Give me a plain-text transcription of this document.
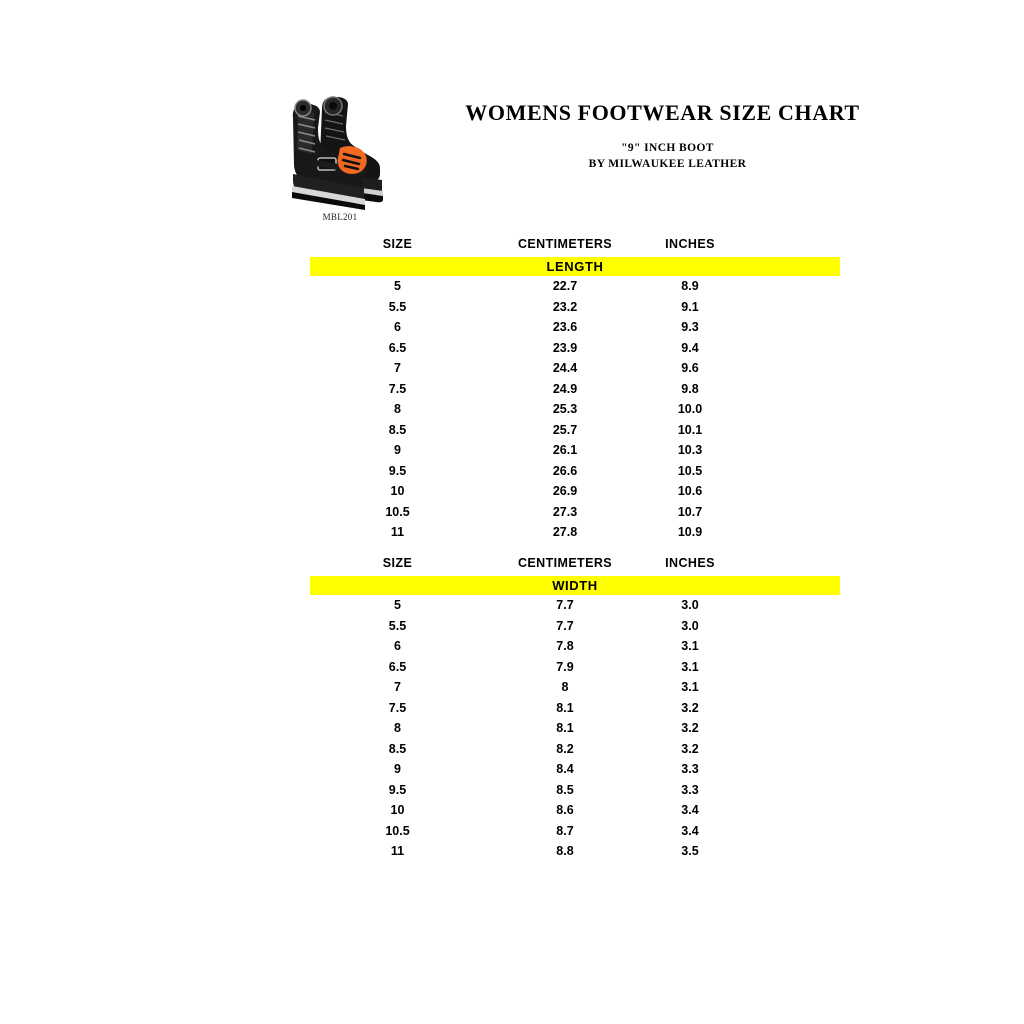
MBL201
WOMENS FOOTWEAR SIZE CHART
"9" INCH BOOT
BY MILWAUKEE LEATHER
SIZE	CENTIMETERS	INCHES	
LENGTH			
5	22.7	8.9	
5.5	23.2	9.1	
6	23.6	9.3	
6.5	23.9	9.4	
7	24.4	9.6	
7.5	24.9	9.8	
8	25.3	10.0	
8.5	25.7	10.1	
9	26.1	10.3	
9.5	26.6	10.5	
10	26.9	10.6	
10.5	27.3	10.7	
11	27.8	10.9	
SIZE	CENTIMETERS	INCHES	
WIDTH			
5	7.7	3.0	
5.5	7.7	3.0	
6	7.8	3.1	
6.5	7.9	3.1	
7	8	3.1	
7.5	8.1	3.2	
8	8.1	3.2	
8.5	8.2	3.2	
9	8.4	3.3	
9.5	8.5	3.3	
10	8.6	3.4	
10.5	8.7	3.4	
11	8.8	3.5	
